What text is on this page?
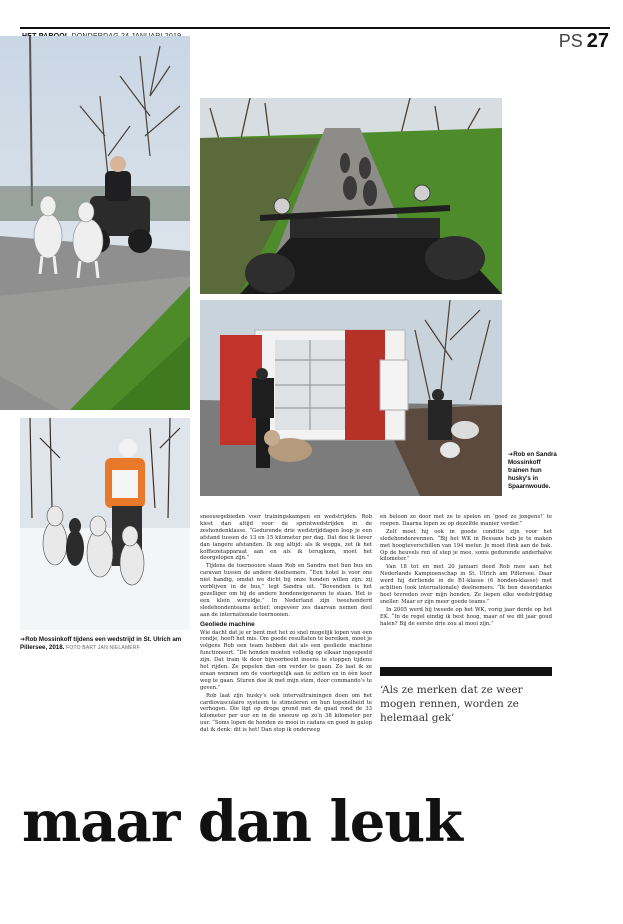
PS 27
➔Rob en Sandra Mossinkoff trainen hun husky's in Spaarnwoude.
➔Rob Mossinkoff tijdens een wedstrijd in St. Ulrich am Pillersee, 2018. FOTO BART JAN NIELAMERF

sneeuwgebieden voor trainingskampen en wedstrijden. Rob kiest dan altijd voor de sprintwedstrijden in de zeshondenklasse. “Gedurende drie wedstrijddagen loop je een afstand tussen de 13 en 15 kilometer per dag. Dat doe ik liever dan langere afstanden. Ik zeg altijd: als ik wegga, zet ik het koffiezetapparaat aan en als ik terugkom, moet het doorgelopen zijn.”

Tijdens de toernooien staan Rob en Sandra met hun bus en caravan tussen de andere deelnemers. “Een hotel is voor ons niet handig, omdat we dicht bij onze honden willen zijn: zij verblijven in de bus,” legt Sandra uit. “Bovendien is het gezelliger om bij de andere hondeneigenaren te staan. Het is een klein wereldje.” In Nederland zijn tweehonderd sledehondenteams actief; ongeveer zes daarvan nemen deel aan de internationale toernooien.

Geoliede machine

Wie dacht dat je er bent met het zo snel mogelijk lopen van een rondje, heeft het mis. Om goede resultaten te bereiken, moet je volgens Rob een team hebben dat als een geoliede machine functioneert. “De honden moeten volledig op elkaar ingespeeld zijn. Dat train ik door bijvoorbeeld ineens te stoppen tijdens het rijden. Ze popelen dan om verder te gaan. Zo laat ik ze eraan wennen om de voortegelijk aan te zetten en in één keer weg te gaan. Sturen doe ik met mijn stem, door commando’s te geven.”

Rob laat zijn husky’s ook intervaltrainingen doen om het cardiovasculaire systeem te stimuleren en hun topsnelheid te verhogen. Die ligt op droge grond met de quad rond de 33 kilometer per uur en in de sneeuw op zo’n 38 kilometer per uur. “Soms lopen de honden zo mooi in cadans en goed in galop dat ik denk: dit is het! Dan stop ik onderweg

en beloon ze door met ze te spelen en ‘goed zo jongens!’ te roepen. Daarna lopen ze op dezelfde manier verder.”

Zelf moet hij ook in goede conditie zijn voor het sledehondenrennen. “Bij het WK in Bessans heb je te maken met hoogteverschillen van 194 meter. Je moet flink aan de bak. Op de heuvels ren of step je mee, soms gedurende anderhalve kilometer.”

Van 18 tot en met 20 januari deed Rob mee aan het Nederlands Kampioenschap in St. Ulrich am Pillersee. Daar werd hij dertiende in de B1-klasse (6 honden-klasse) met achttien (ook internationale) deelnemers. “Ik ben desondanks heel tevreden over mijn honden. Ze liepen elke wedstrijddag sneller. Maar er zijn meer goede teams.”

In 2005 werd hij tweede op het WK, vorig jaar derde op het EK. “In de regel eindig ik best hoog, maar of we dit jaar goud halen? Bij de eerste drie zou al mooi zijn.”

‘Als ze merken dat ze weer mogen rennen, worden ze helemaal gek’
maar dan leuk
